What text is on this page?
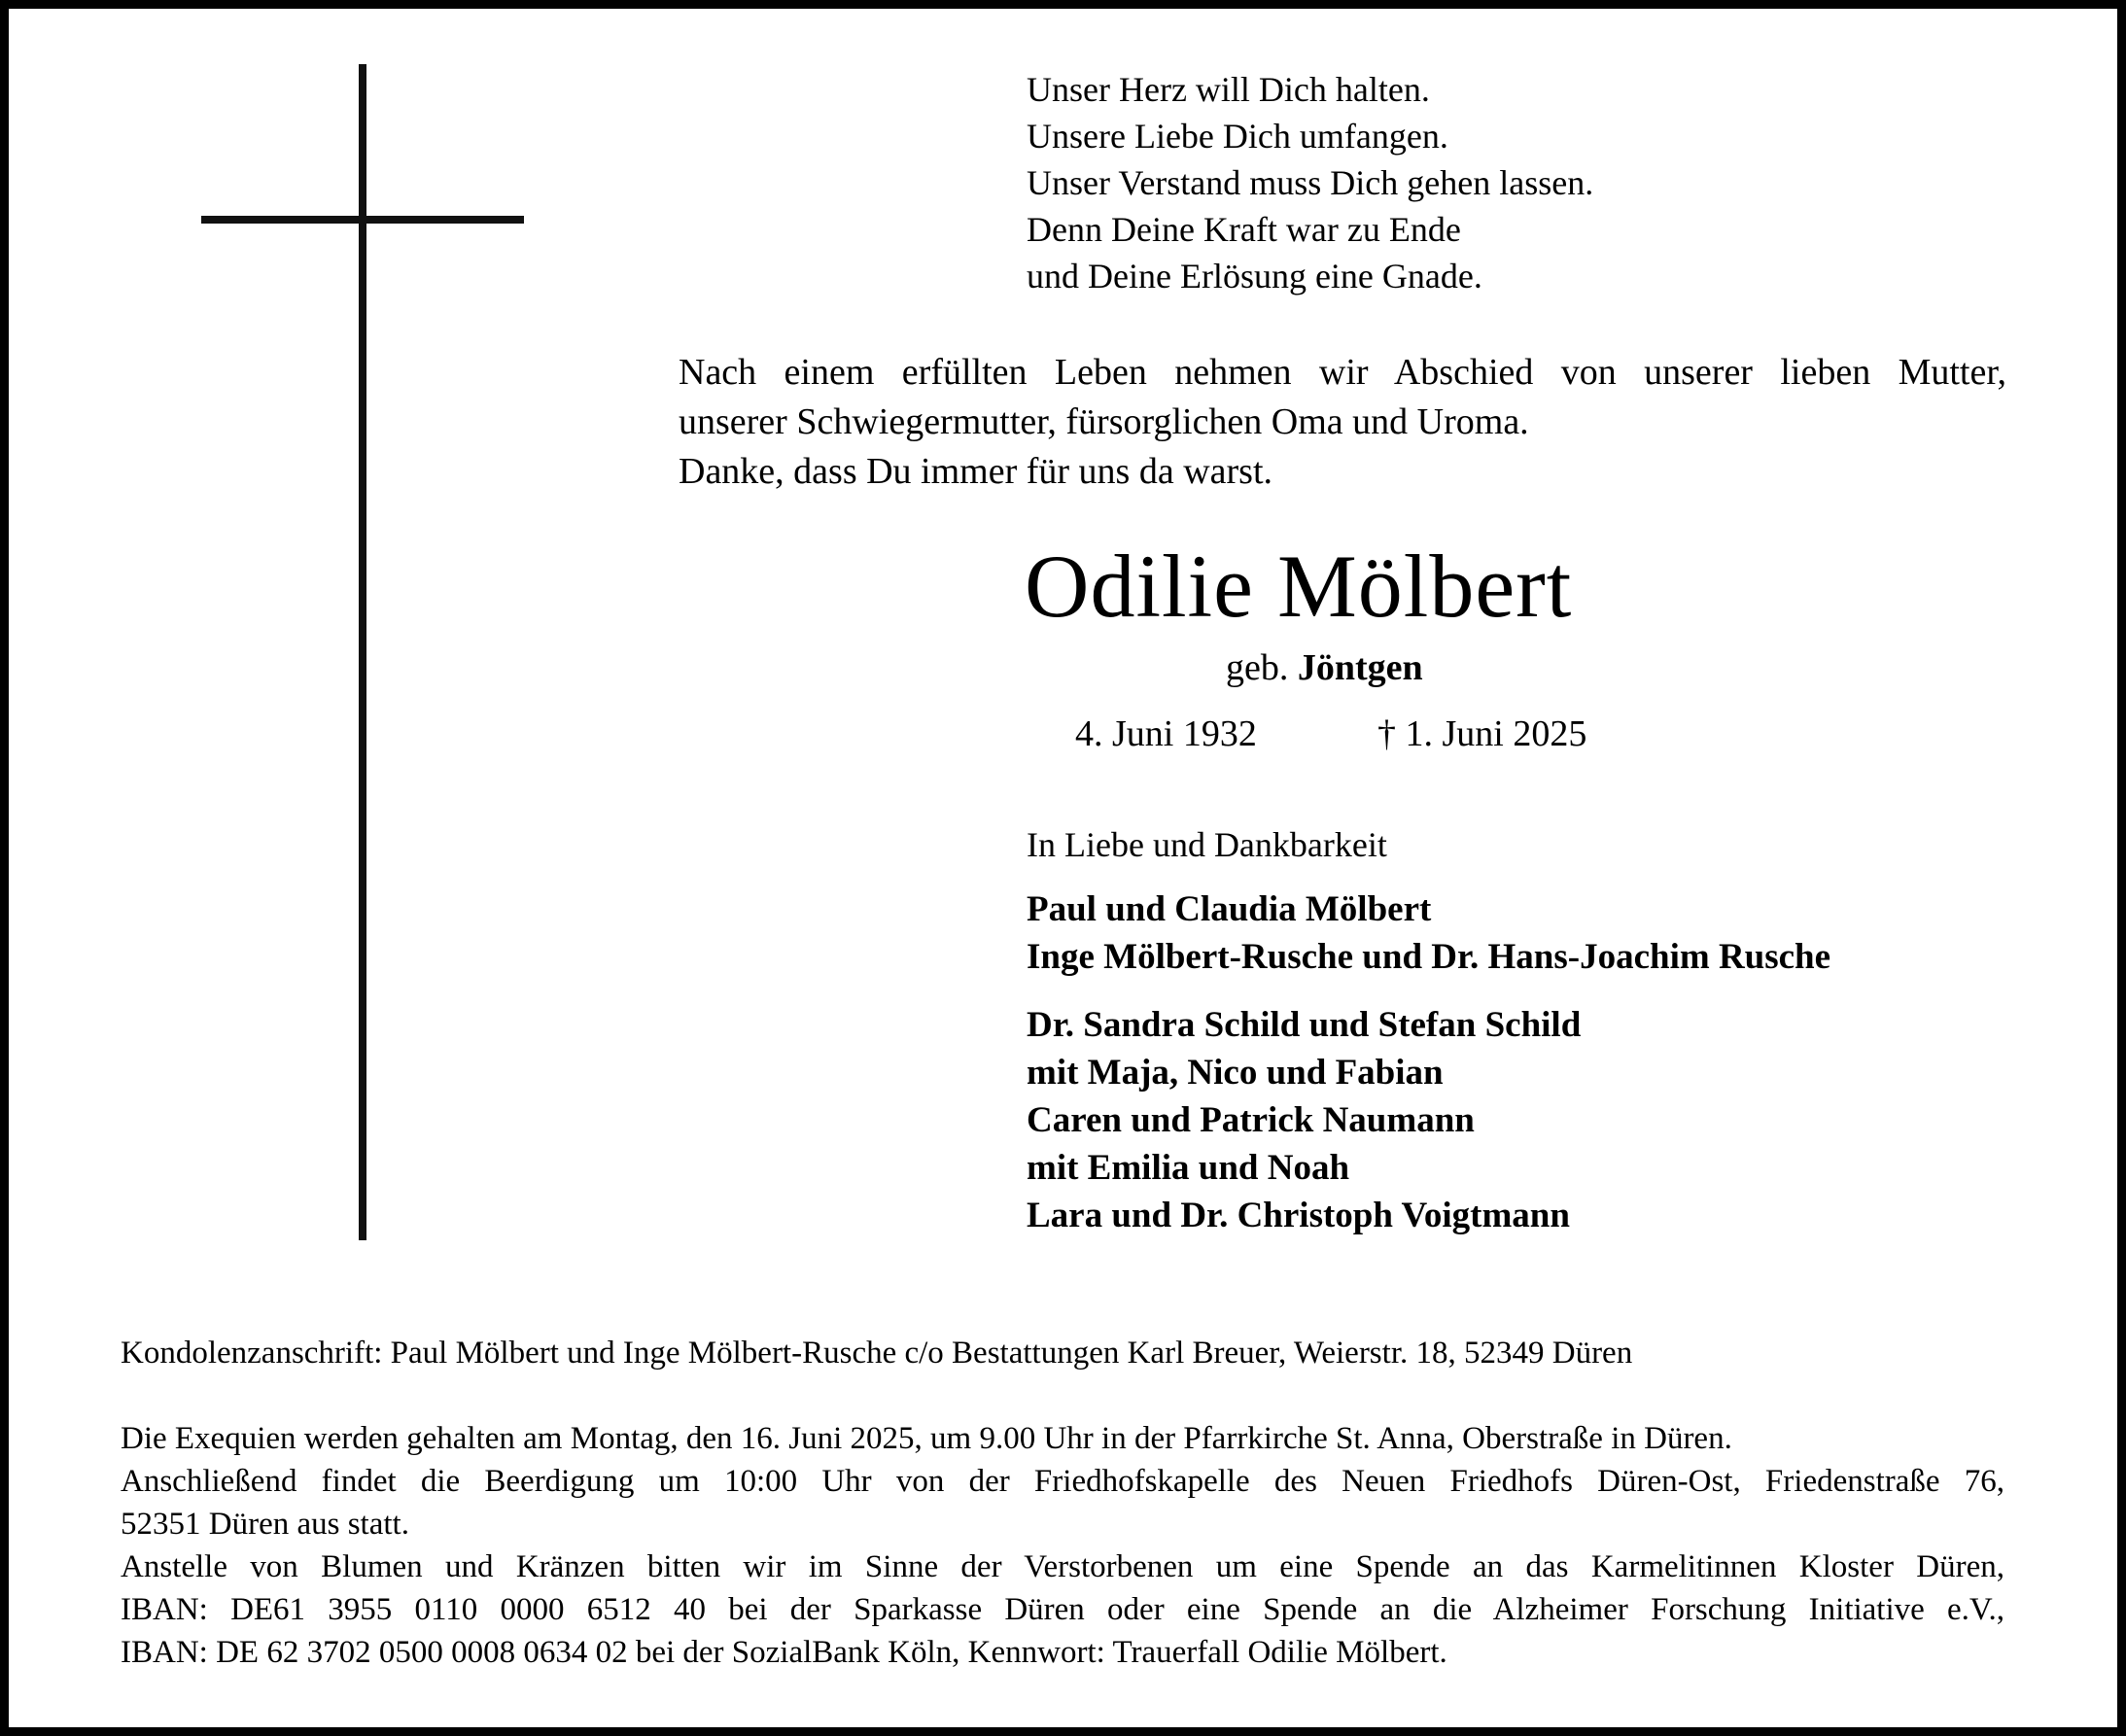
Unser Herz will Dich halten.
Unsere Liebe Dich umfangen.
Unser Verstand muss Dich gehen lassen.
Denn Deine Kraft war zu Ende
und Deine Erlösung eine Gnade.
Nach einem erfüllten Leben nehmen wir Abschied von unserer lieben Mutter,
unserer Schwiegermutter, fürsorglichen Oma und Uroma.
Danke, dass Du immer für uns da warst.
Odilie Mölbert
geb. Jöntgen
4. Juni 1932	† 1. Juni 2025
In Liebe und Dankbarkeit
Paul und Claudia Mölbert
Inge Mölbert-Rusche und Dr. Hans-Joachim Rusche
Dr. Sandra Schild und Stefan Schild
mit Maja, Nico und Fabian
Caren und Patrick Naumann
mit Emilia und Noah
Lara und Dr. Christoph Voigtmann
Kondolenzanschrift: Paul Mölbert und Inge Mölbert-Rusche c/o Bestattungen Karl Breuer, Weierstr. 18, 52349 Düren
Die Exequien werden gehalten am Montag, den 16. Juni 2025, um 9.00 Uhr in der Pfarrkirche St. Anna, Oberstraße in Düren.
Anschließend findet die Beerdigung um 10:00 Uhr von der Friedhofskapelle des Neuen Friedhofs Düren-Ost, Friedenstraße 76,
52351 Düren aus statt.
Anstelle von Blumen und Kränzen bitten wir im Sinne der Verstorbenen um eine Spende an das Karmelitinnen Kloster Düren,
IBAN: DE61 3955 0110 0000 6512 40 bei der Sparkasse Düren oder eine Spende an die Alzheimer Forschung Initiative e.V.,
IBAN: DE 62 3702 0500 0008 0634 02 bei der SozialBank Köln, Kennwort: Trauerfall Odilie Mölbert.
